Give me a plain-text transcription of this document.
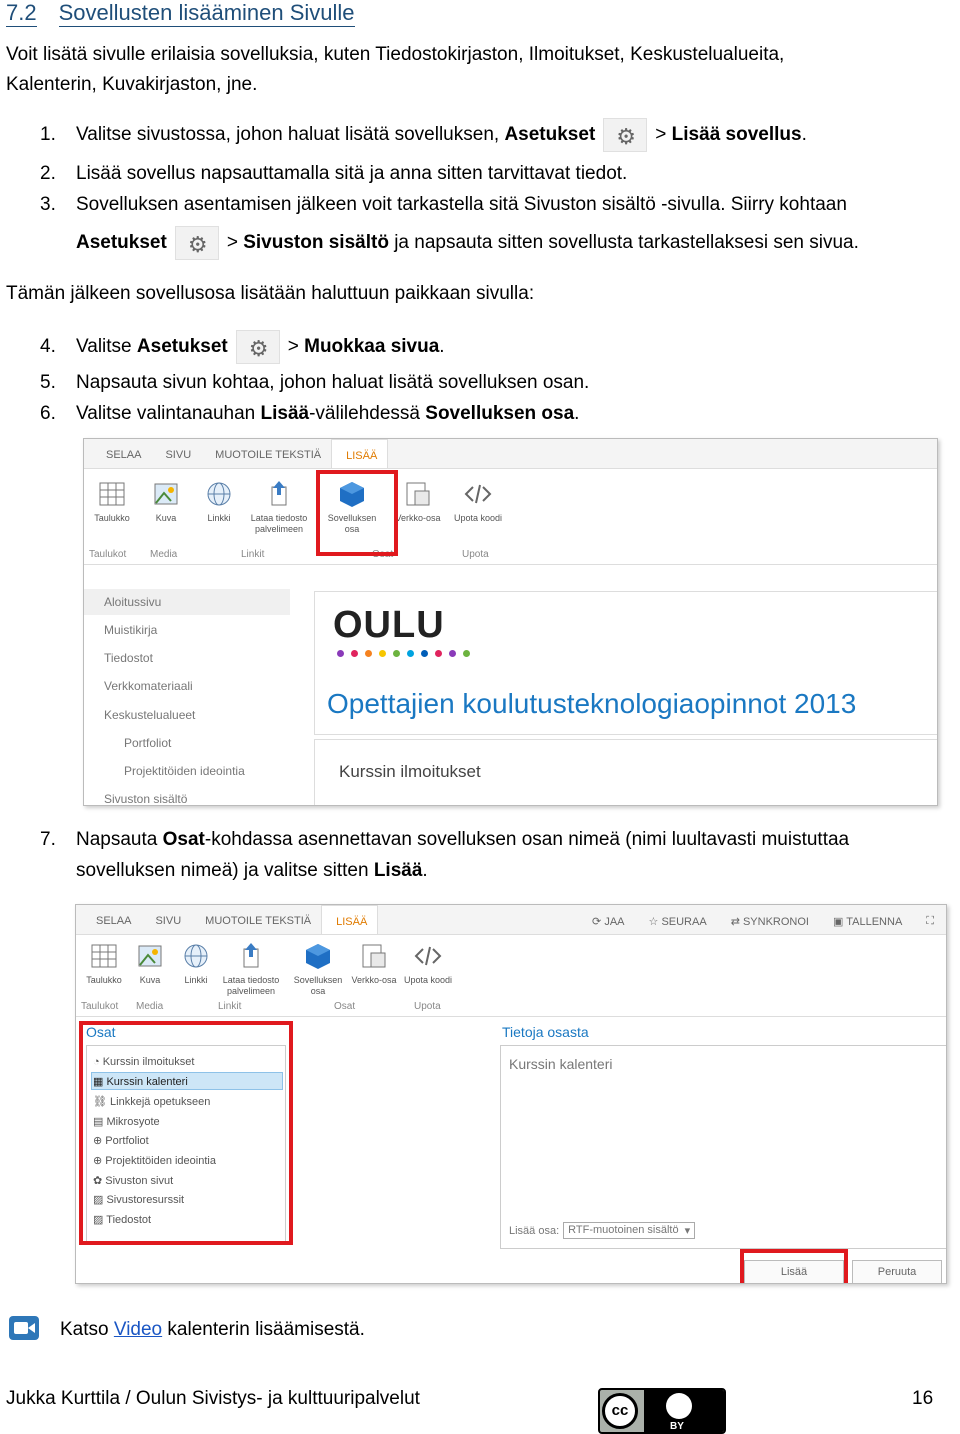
7.2 Sovellusten lisääminen Sivulle
Voit lisätä sivulle erilaisia sovelluksia, kuten Tiedostokirjaston, Ilmoitukset, Keskustelualueita,
Kalenterin, Kuvakirjaston, jne.
1.	Valitse sivustossa, johon haluat lisätä sovelluksen,
Asetukset ⚙ >
Lisää sovellus .
2.	Lisää sovellus napsauttamalla sitä ja anna sitten tarvittavat tiedot.
3.	Sovelluksen asentamisen jälkeen voit tarkastella sitä Sivuston sisältö -sivulla. Siirry kohtaan
Asetukset ⚙ >
Sivuston sisältö ja napsauta sitten sovellusta tarkastellaksesi sen sivua.
Tämän jälkeen sovellusosa lisätään haluttuun paikkaan sivulla:
4.	Valitse
Asetukset ⚙ >
Muokkaa sivua .
5.	Napsauta sivun kohtaa, johon haluat lisätä sovelluksen osan.
6.	Valitse valintanauhan Lisää -välilehdessä Sovelluksen osa .
SELAA	SIVU	MUOTOILE TEKSTIÄ	LISÄÄ
Taulukko	Kuva	Linkki	Lataa tiedosto palvelimeen
Sovelluksen osa
Verkko-osa	Upota koodi
Taulukot Media	Linkit	Osat	Upota
Aloitussivu
Muistikirja
Tiedostot
Verkkomateriaali
Keskustelualueet
Portfoliot
Projektitöiden ideointia
Sivuston sisältö
OULU
Opettajien koulutusteknologiaopinnot 2013
Kurssin ilmoitukset
7.	Napsauta Osat -kohdassa asennettavan sovelluksen osan nimeä (nimi luultavasti muistuttaa
sovelluksen nimeä) ja valitse sitten Lisää .
SELAA	SIVU	MUOTOILE TEKSTIÄ	LISÄÄ	⟳ JAA	☆ SEURAA	⇄ SYNKRONOI	▣ TALLENNA	⛶
Taulukko	Kuva	Linkki	Lataa tiedosto palvelimeen
Sovelluksen osa
Verkko-osa Upota koodi
Taulukot Media	Linkit	Osat	Upota
Osat
◔ Kurssin ilmoitukset
▦ Kurssin kalenteri
⛓ Linkkejä opetukseen
▤ Mikrosyote
⊕ Portfoliot
⊕ Projektitöiden ideointia
✿ Sivuston sivut
▨ Sivustoresurssit
▨ Tiedostot
Tietoja osasta
Kurssin kalenteri
Lisää osa: RTF-muotoinen sisältö ▾
Lisää	Peruuta
Katso Video kalenterin lisäämisestä.
Jukka Kurttila / Oulun Sivistys- ja kulttuuripalvelut
cc
BY
16
